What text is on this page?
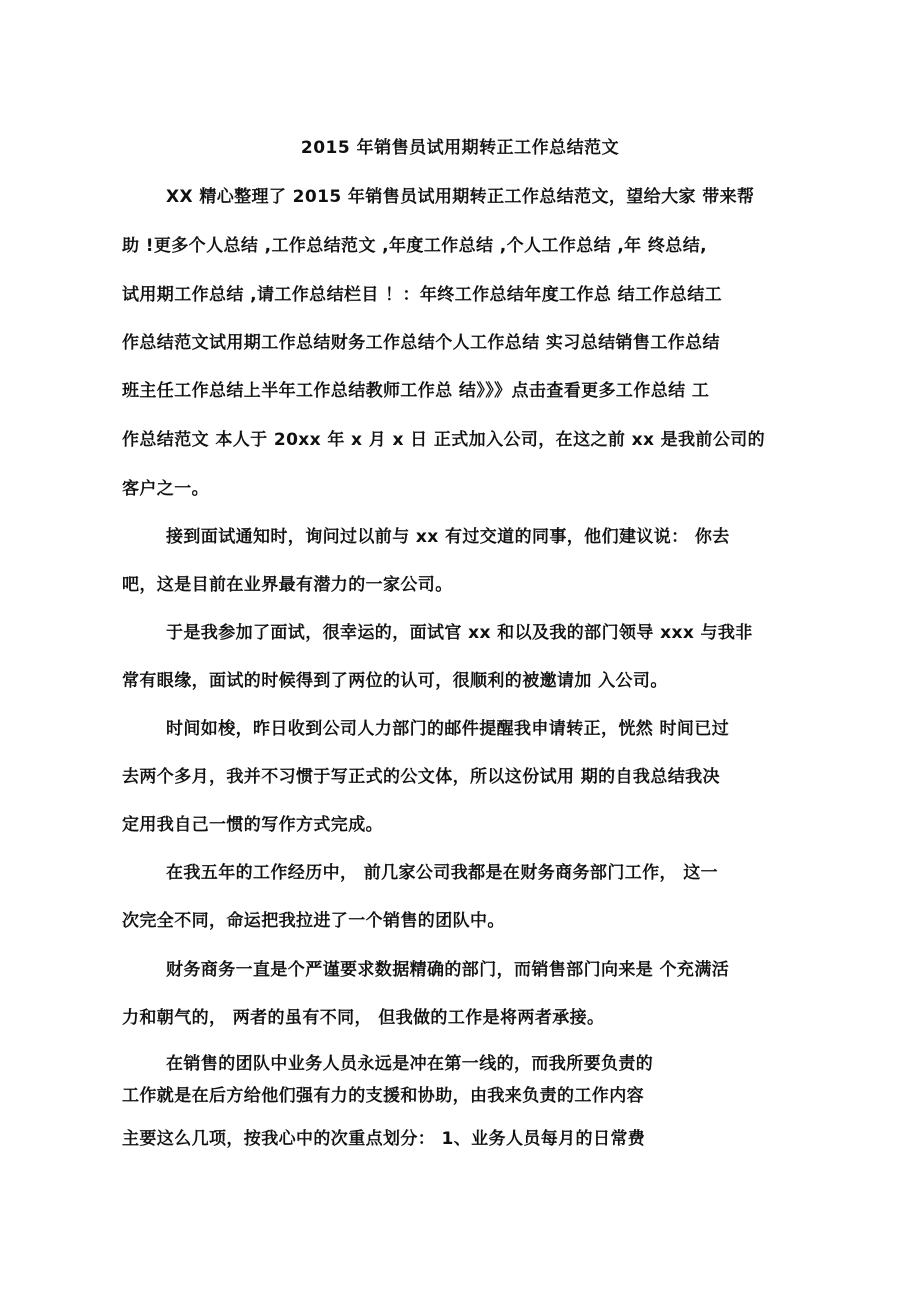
2015 年销售员试用期转正工作总结范文
XX 精心整理了 2015 年销售员试用期转正工作总结范文，望给大家 带来帮
助 !更多个人总结 ,工作总结范文 ,年度工作总结 ,个人工作总结 ,年 终总结,
试用期工作总结 ,请工作总结栏目 ！：年终工作总结年度工作总 结工作总结工
作总结范文试用期工作总结财务工作总结个人工作总结 实习总结销售工作总结
班主任工作总结上半年工作总结教师工作总 结》》》点击查看更多工作总结 工
作总结范文 本人于 20xx 年 x 月 x 日 正式加入公司，在这之前 xx 是我前公司的
客户之一。
接到面试通知时，询问过以前与 xx 有过交道的同事，他们建议说： 你去
吧，这是目前在业界最有潜力的一家公司。
于是我参加了面试，很幸运的，面试官 xx 和以及我的部门领导 xxx 与我非
常有眼缘，面试的时候得到了两位的认可，很顺利的被邀请加 入公司。
时间如梭，昨日收到公司人力部门的邮件提醒我申请转正，恍然 时间已过
去两个多月，我并不习惯于写正式的公文体，所以这份试用 期的自我总结我决
定用我自己一惯的写作方式完成。
在我五年的工作经历中， 前几家公司我都是在财务商务部门工作， 这一
次完全不同，命运把我拉进了一个销售的团队中。
财务商务一直是个严谨要求数据精确的部门，而销售部门向来是 个充满活
力和朝气的， 两者的虽有不同， 但我做的工作是将两者承接。
在销售的团队中业务人员永远是冲在第一线的，而我所要负责的
工作就是在后方给他们强有力的支援和协助，由我来负责的工作内容
主要这么几项，按我心中的次重点划分： 1、业务人员每月的日常费
